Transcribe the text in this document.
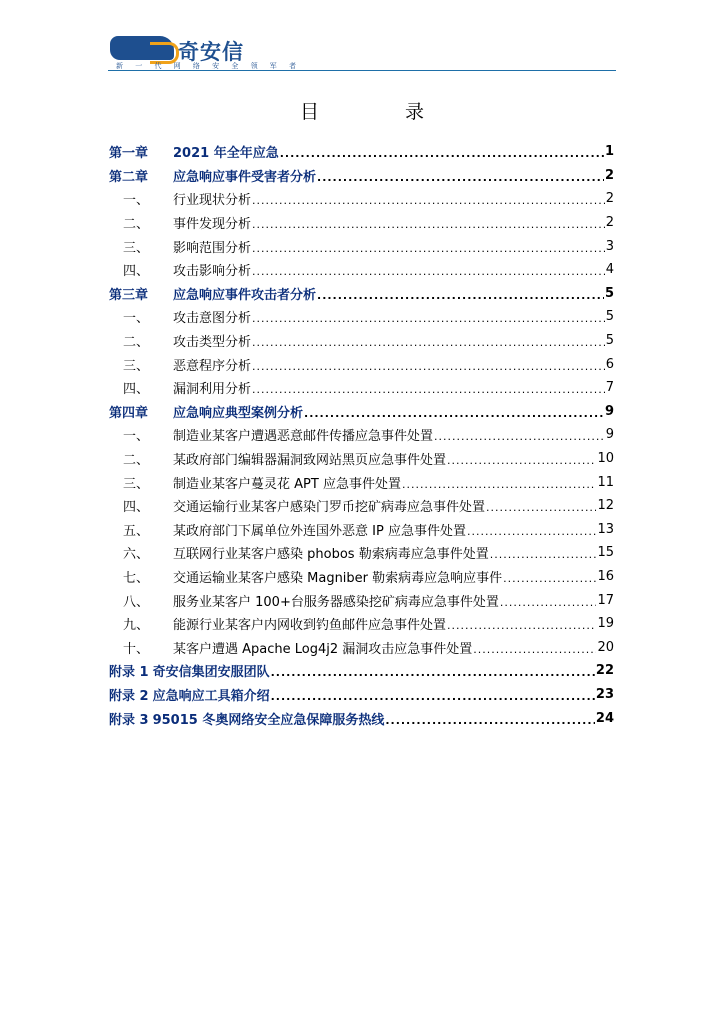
奇安信
新 一 代 网 络 安 全 领 军 者
目 录
第一章	2021 年全年应急 .....	1
第二章	应急响应事件受害者分析 .....	2
一、	行业现状分析 .....	2
二、	事件发现分析 .....	2
三、	影响范围分析 .....	3
四、	攻击影响分析 .....	4
第三章	应急响应事件攻击者分析 .....	5
一、	攻击意图分析 .....	5
二、	攻击类型分析 .....	5
三、	恶意程序分析 .....	6
四、	漏洞利用分析 .....	7
第四章	应急响应典型案例分析 .....	9
一、	制造业某客户遭遇恶意邮件传播应急事件处置 .....	9
二、	某政府部门编辑器漏洞致网站黑页应急事件处置 .....	10
三、	制造业某客户蔓灵花 APT 应急事件处置 .....	11
四、	交通运输行业某客户感染门罗币挖矿病毒应急事件处置 .....	12
五、	某政府部门下属单位外连国外恶意 IP 应急事件处置 .....	13
六、	互联网行业某客户感染 phobos 勒索病毒应急事件处置 .....	15
七、	交通运输业某客户感染 Magniber 勒索病毒应急响应事件 .....	16
八、	服务业某客户 100+台服务器感染挖矿病毒应急事件处置 .....	17
九、	能源行业某客户内网收到钓鱼邮件应急事件处置 .....	19
十、	某客户遭遇 Apache Log4j2 漏洞攻击应急事件处置 .....	20
附录 1 奇安信集团安服团队 .....	22
附录 2 应急响应工具箱介绍 .....	23
附录 3 95015 冬奥网络安全应急保障服务热线 .....	24
